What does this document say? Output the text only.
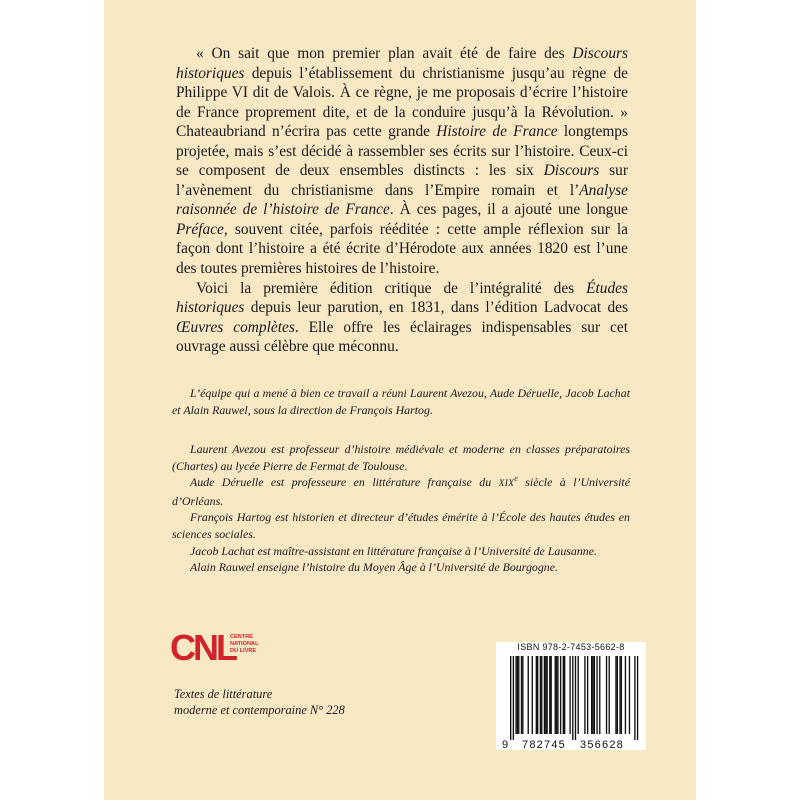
« On sait que mon premier plan avait été de faire des Discours historiques depuis l’établissement du christianisme jusqu’au règne de Philippe VI dit de Valois. À ce règne, je me proposais d’écrire l’histoire de France proprement dite, et de la conduire jusqu’à la Révolution. » Chateaubriand n’écrira pas cette grande Histoire de France longtemps projetée, mais s’est décidé à rassembler ses écrits sur l’histoire. Ceux-ci se composent de deux ensembles distincts : les six Discours sur l’avènement du christianisme dans l’Empire romain et l’Analyse raisonnée de l’histoire de France. À ces pages, il a ajouté une longue Préface, souvent citée, parfois rééditée : cette ample réflexion sur la façon dont l’histoire a été écrite d’Hérodote aux années 1820 est l’une des toutes premières histoires de l’histoire.

Voici la première édition critique de l’intégralité des Études historiques depuis leur parution, en 1831, dans l’édition Ladvocat des Œuvres complètes. Elle offre les éclairages indispensables sur cet ouvrage aussi célèbre que méconnu.

L’équipe qui a mené à bien ce travail a réuni Laurent Avezou, Aude Déruelle, Jacob Lachat et Alain Rauwel, sous la direction de François Hartog.

Laurent Avezou est professeur d’histoire médiévale et moderne en classes préparatoires (Chartes) au lycée Pierre de Fermat de Toulouse.

Aude Déruelle est professeure en littérature française du XIXe siècle à l’Université d’Orléans.

François Hartog est historien et directeur d’études émérite à l’École des hautes études en sciences sociales.

Jacob Lachat est maître-assistant en littérature française à l’Université de Lausanne.

Alain Rauwel enseigne l’histoire du Moyen Âge à l’Université de Bourgogne.

CNL
CENTRE
NATIONAL
DU LIVRE
Textes de littérature
moderne et contemporaine N° 228
ISBN 978-2-7453-5662-8
9 782745 356628
